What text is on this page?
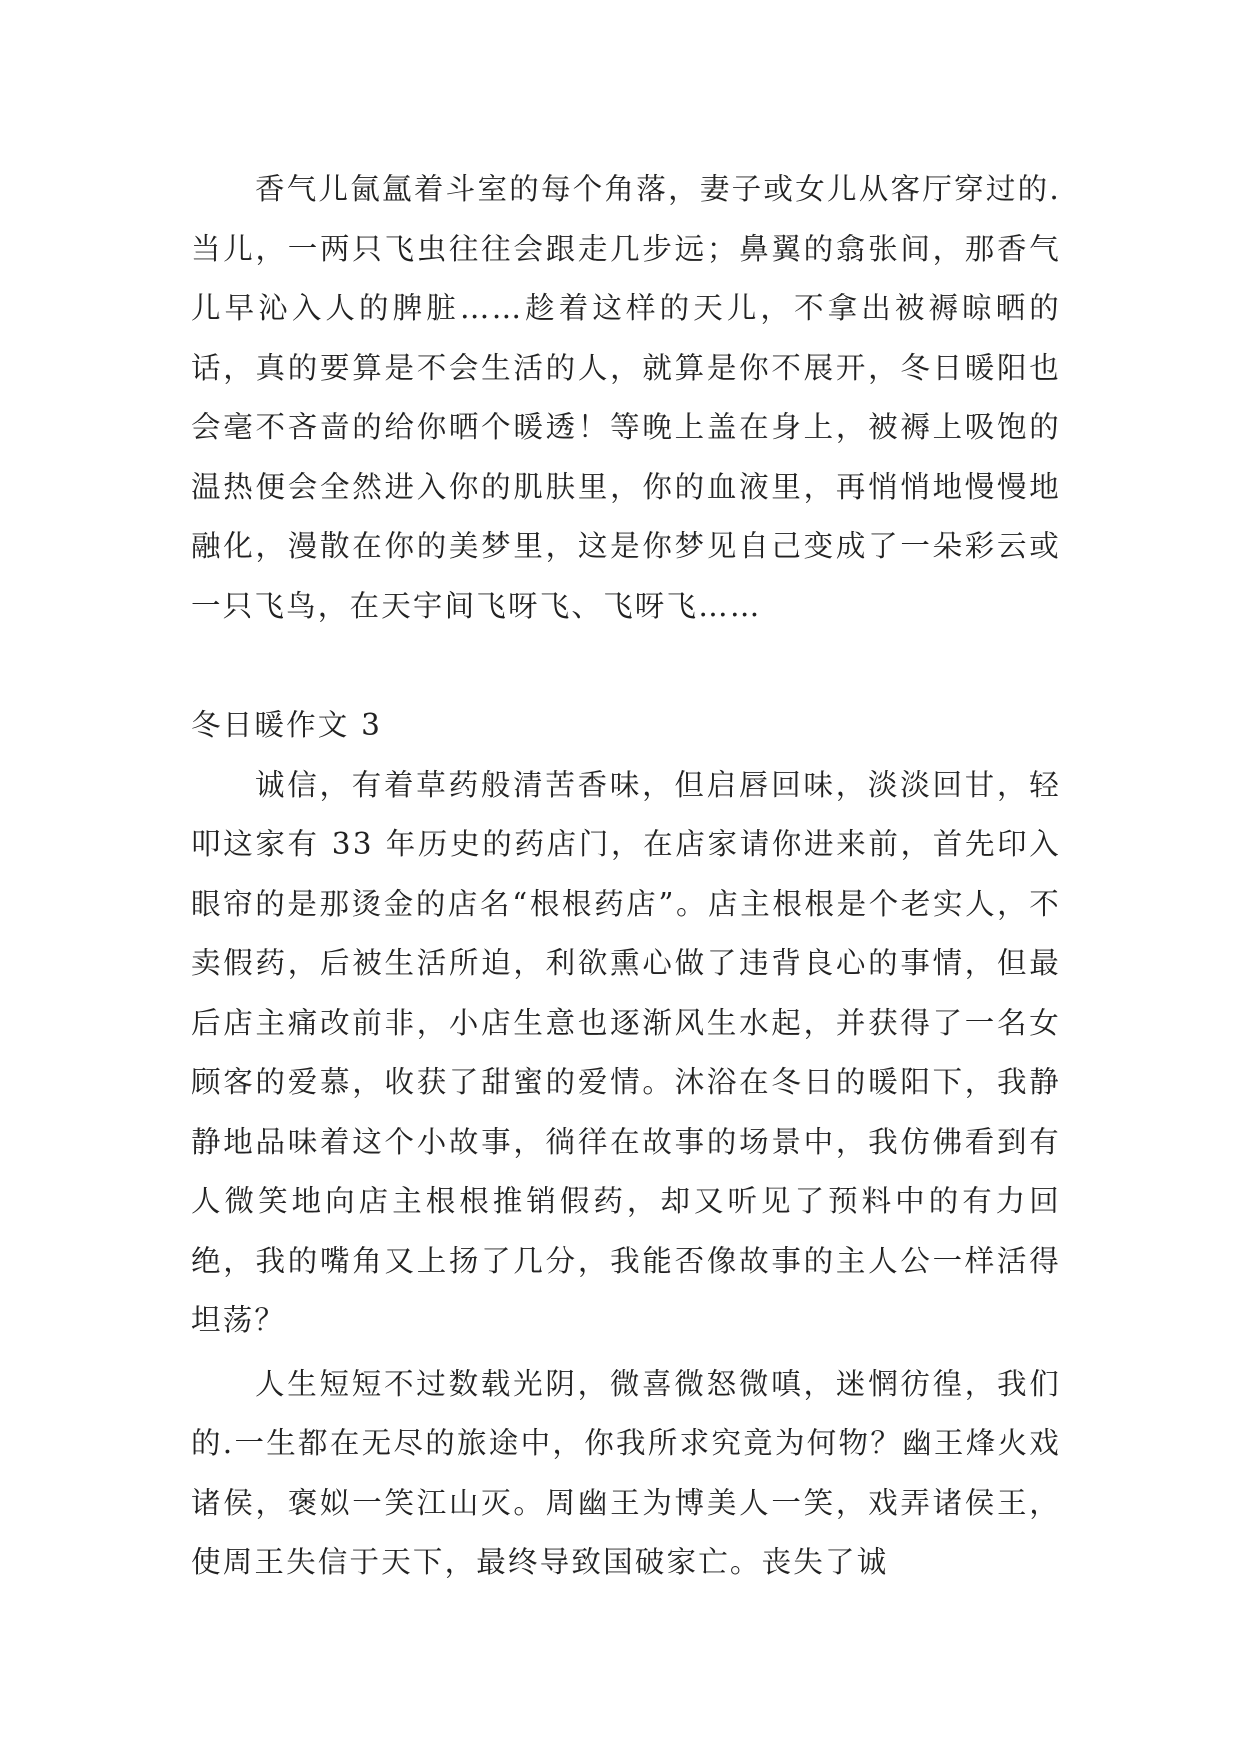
香气儿氤氲着斗室的每个角落，妻子或女儿从客厅穿过的.当儿，一两只飞虫往往会跟走几步远；鼻翼的翕张间，那香气儿早沁入人的脾脏……趁着这样的天儿，不拿出被褥晾晒的话，真的要算是不会生活的人，就算是你不展开，冬日暖阳也会毫不吝啬的给你晒个暖透！等晚上盖在身上，被褥上吸饱的温热便会全然进入你的肌肤里，你的血液里，再悄悄地慢慢地融化，漫散在你的美梦里，这是你梦见自己变成了一朵彩云或一只飞鸟，在天宇间飞呀飞、飞呀飞……

冬日暖作文 3

诚信，有着草药般清苦香味，但启唇回味，淡淡回甘，轻叩这家有 33 年历史的药店门，在店家请你进来前，首先印入眼帘的是那烫金的店名“根根药店”。店主根根是个老实人，不卖假药，后被生活所迫，利欲熏心做了违背良心的事情，但最后店主痛改前非，小店生意也逐渐风生水起，并获得了一名女顾客的爱慕，收获了甜蜜的爱情。沐浴在冬日的暖阳下，我静静地品味着这个小故事，徜徉在故事的场景中，我仿佛看到有人微笑地向店主根根推销假药，却又听见了预料中的有力回绝，我的嘴角又上扬了几分，我能否像故事的主人公一样活得坦荡？

人生短短不过数载光阴，微喜微怒微嗔，迷惘彷徨，我们的.一生都在无尽的旅途中，你我所求究竟为何物？幽王烽火戏诸侯，褒姒一笑江山灭。周幽王为博美人一笑，戏弄诸侯王，使周王失信于天下，最终导致国破家亡。丧失了诚
